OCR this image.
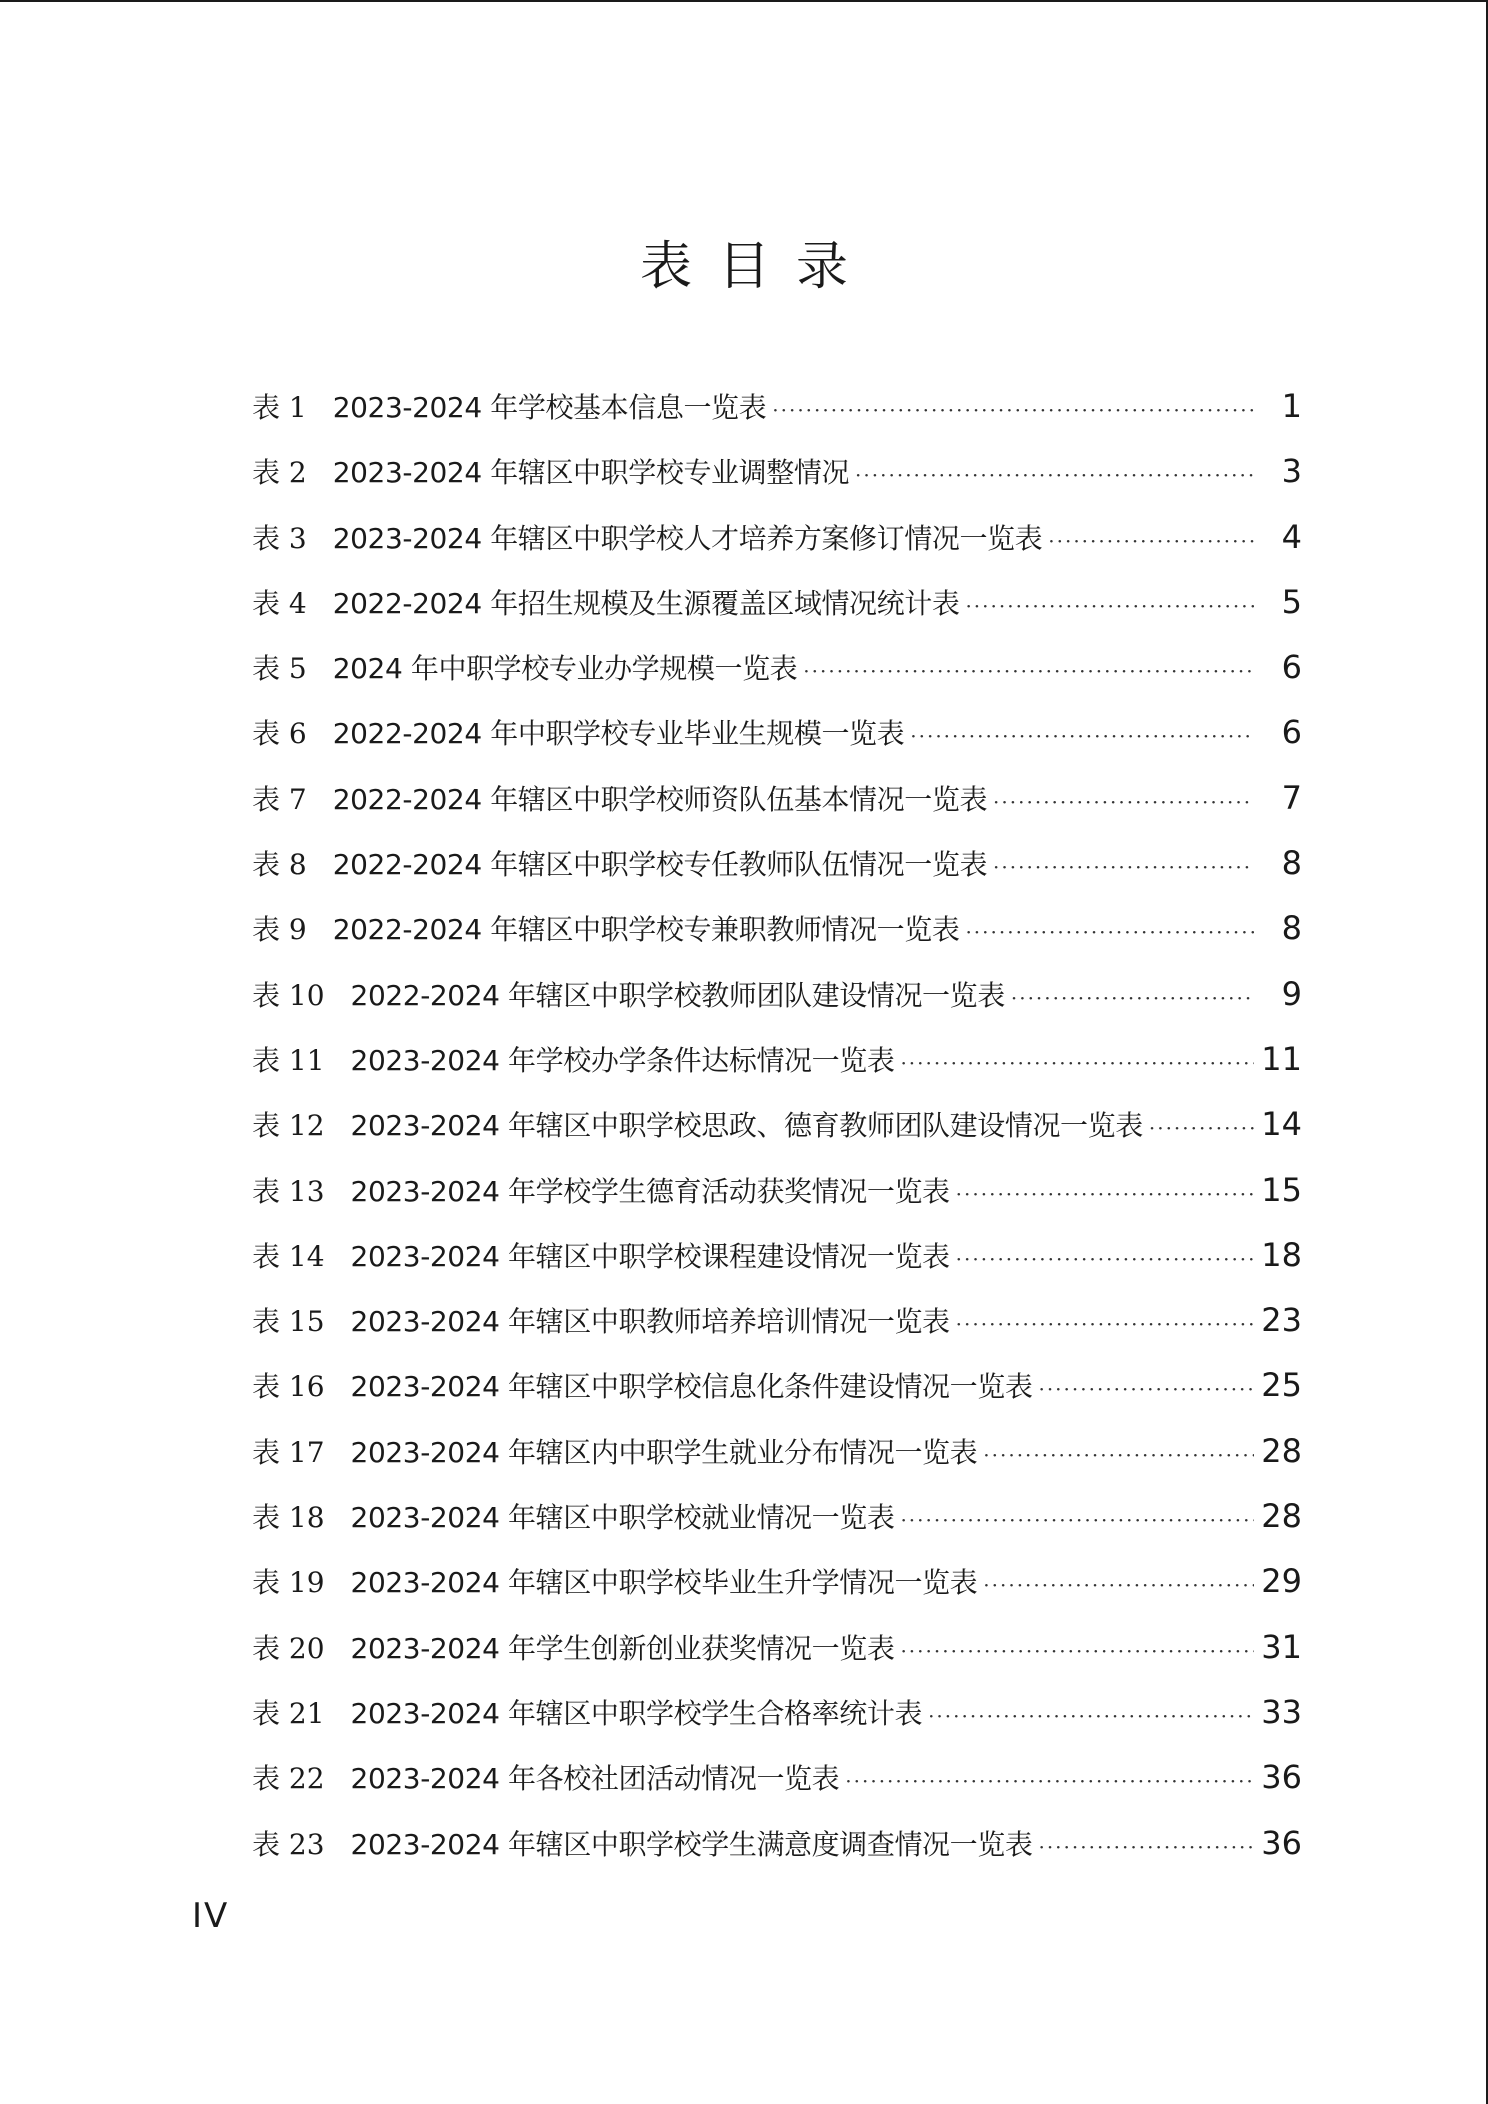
表目录
表 1 2023-2024 年学校基本信息一览表 ·····	1
表 2 2023-2024 年辖区中职学校专业调整情况 ·····	3
表 3 2023-2024 年辖区中职学校人才培养方案修订情况一览表 ·····	4
表 4 2022-2024 年招生规模及生源覆盖区域情况统计表 ·····	5
表 5 2024 年中职学校专业办学规模一览表 ·····	6
表 6 2022-2024 年中职学校专业毕业生规模一览表 ·····	6
表 7 2022-2024 年辖区中职学校师资队伍基本情况一览表 ·····	7
表 8 2022-2024 年辖区中职学校专任教师队伍情况一览表 ·····	8
表 9 2022-2024 年辖区中职学校专兼职教师情况一览表 ·····	8
表 10 2022-2024 年辖区中职学校教师团队建设情况一览表 ·····	9
表 11 2023-2024 年学校办学条件达标情况一览表 ·····	11
表 12 2023-2024 年辖区中职学校思政、德育教师团队建设情况一览表 ·····	14
表 13 2023-2024 年学校学生德育活动获奖情况一览表 ·····	15
表 14 2023-2024 年辖区中职学校课程建设情况一览表 ·····	18
表 15 2023-2024 年辖区中职教师培养培训情况一览表 ·····	23
表 16 2023-2024 年辖区中职学校信息化条件建设情况一览表 ·····	25
表 17 2023-2024 年辖区内中职学生就业分布情况一览表 ·····	28
表 18 2023-2024 年辖区中职学校就业情况一览表 ·····	28
表 19 2023-2024 年辖区中职学校毕业生升学情况一览表 ·····	29
表 20 2023-2024 年学生创新创业获奖情况一览表 ·····	31
表 21 2023-2024 年辖区中职学校学生合格率统计表 ·····	33
表 22 2023-2024 年各校社团活动情况一览表 ·····	36
表 23 2023-2024 年辖区中职学校学生满意度调查情况一览表 ·····	36
IV
